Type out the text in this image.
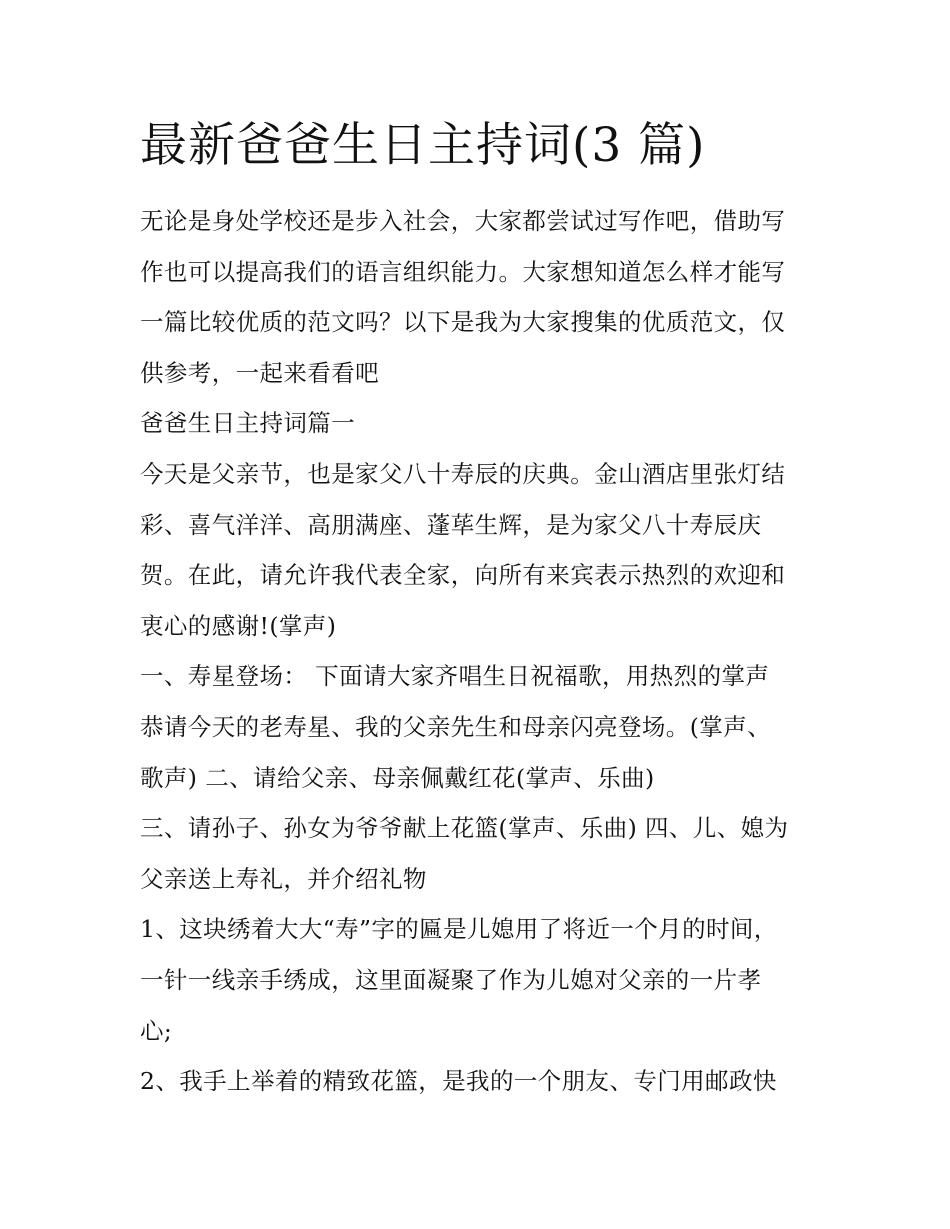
最新爸爸生日主持词(3 篇)

无论是身处学校还是步入社会，大家都尝试过写作吧，借助写
作也可以提高我们的语言组织能力。大家想知道怎么样才能写
一篇比较优质的范文吗？以下是我为大家搜集的优质范文，仅
供参考，一起来看看吧

爸爸生日主持词篇一

今天是父亲节，也是家父八十寿辰的庆典。金山酒店里张灯结
彩、喜气洋洋、高朋满座、蓬荜生辉，是为家父八十寿辰庆
贺。在此，请允许我代表全家，向所有来宾表示热烈的欢迎和
衷心的感谢!(掌声)

一、寿星登场： 下面请大家齐唱生日祝福歌，用热烈的掌声
恭请今天的老寿星、我的父亲先生和母亲闪亮登场。(掌声、
歌声) 二、请给父亲、母亲佩戴红花(掌声、乐曲)

三、请孙子、孙女为爷爷献上花篮(掌声、乐曲) 四、儿、媳为
父亲送上寿礼，并介绍礼物

1、这块绣着大大“寿”字的匾是儿媳用了将近一个月的时间，
一针一线亲手绣成，这里面凝聚了作为儿媳对父亲的一片孝
心;

2、我手上举着的精致花篮，是我的一个朋友、专门用邮政快
